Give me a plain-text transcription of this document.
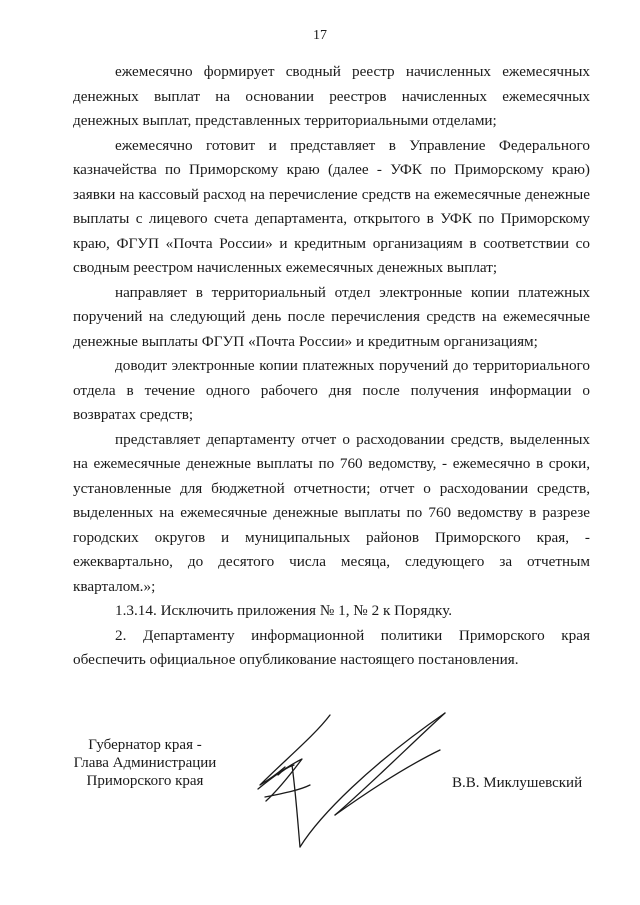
17

ежемесячно формирует сводный реестр начисленных ежемесячных денежных выплат на основании реестров начисленных ежемесячных денежных выплат, представленных территориальными отделами;

ежемесячно готовит и представляет в Управление Федерального казначейства по Приморскому краю (далее - УФК по Приморскому краю) заявки на кассовый расход на перечисление средств на ежемесячные денежные выплаты с лицевого счета департамента, открытого в УФК по Приморскому краю, ФГУП «Почта России» и кредитным организациям в соответствии со сводным реестром начисленных ежемесячных денежных выплат;

направляет в территориальный отдел электронные копии платежных поручений на следующий день после перечисления средств на ежемесячные денежные выплаты ФГУП «Почта России» и кредитным организациям;

доводит электронные копии платежных поручений до территориального отдела в течение одного рабочего дня после получения информации о возвратах средств;

представляет департаменту отчет о расходовании средств, выделенных на ежемесячные денежные выплаты по 760 ведомству, - ежемесячно в сроки, установленные для бюджетной отчетности; отчет о расходовании средств, выделенных на ежемесячные денежные выплаты по 760 ведомству в разрезе городских округов и муниципальных районов Приморского края, - ежеквартально, до десятого числа месяца, следующего за отчетным кварталом.»;

1.3.14. Исключить приложения № 1, № 2 к Порядку.

2. Департаменту информационной политики Приморского края обеспечить официальное опубликование настоящего постановления.

Губернатор края -
Глава Администрации
Приморского края	В.В. Миклушевский
